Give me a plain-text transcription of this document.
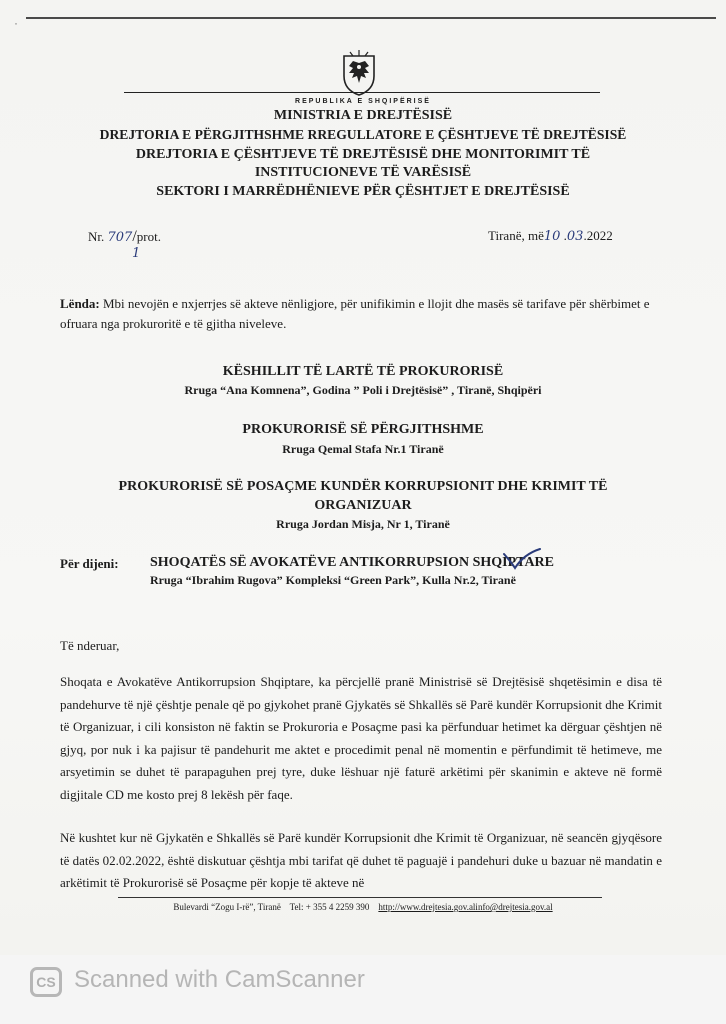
·
REPUBLIKA E SHQIPËRISË
MINISTRIA E DREJTËSISË
DREJTORIA E PËRGJITHSHME RREGULLATORE E ÇËSHTJEVE TË DREJTËSISË
DREJTORIA E ÇËSHTJEVE TË DREJTËSISË DHE MONITORIMIT TË
INSTITUCIONEVE TË VARËSISË
SEKTORI I MARRËDHËNIEVE PËR ÇËSHTJET E DREJTËSISË
Nr. 707/prot.
1
Tiranë, më10 .03.2022
Lënda: Mbi nevojën e nxjerrjes së akteve nënligjore, për unifikimin e llojit dhe masës së tarifave për shërbimet e ofruara nga prokuroritë e të gjitha niveleve.
KËSHILLIT TË LARTË TË PROKURORISË
Rruga “Ana Komnena”, Godina ” Poli i Drejtësisë” , Tiranë, Shqipëri
PROKURORISË SË PËRGJITHSHME
Rruga Qemal Stafa Nr.1 Tiranë
PROKURORISË SË POSAÇME KUNDËR KORRUPSIONIT DHE KRIMIT TË
ORGANIZUAR
Rruga Jordan Misja, Nr 1, Tiranë
Për dijeni: SHOQATËS SË AVOKATËVE ANTIKORRUPSION SHQIPTARE
Rruga “Ibrahim Rugova” Kompleksi “Green Park”, Kulla Nr.2, Tiranë
Të nderuar,
Shoqata e Avokatëve Antikorrupsion Shqiptare, ka përcjellë pranë Ministrisë së Drejtësisë shqetësimin e disa të pandehurve të një çështje penale që po gjykohet pranë Gjykatës së Shkallës së Parë kundër Korrupsionit dhe Krimit të Organizuar, i cili konsiston në faktin se Prokuroria e Posaçme pasi ka përfunduar hetimet ka dërguar çështjen në gjyq, por nuk i ka pajisur të pandehurit me aktet e procedimit penal në momentin e përfundimit të hetimeve, me arsyetimin se duhet të parapaguhen prej tyre, duke lëshuar një faturë arkëtimi për skanimin e akteve në formë digjitale CD me kosto prej 8 lekësh për faqe.
Në kushtet kur në Gjykatën e Shkallës së Parë kundër Korrupsionit dhe Krimit të Organizuar, në seancën gjyqësore të datës 02.02.2022, është diskutuar çështja mbi tarifat që duhet të paguajë i pandehuri duke u bazuar në mandatin e arkëtimit të Prokurorisë së Posaçme për kopje të akteve në
Bulevardi “Zogu I-rë”, Tiranë Tel: + 355 4 2259 390 http://www.drejtesia.gov.alinfo@drejtesia.gov.al
CS Scanned with CamScanner
